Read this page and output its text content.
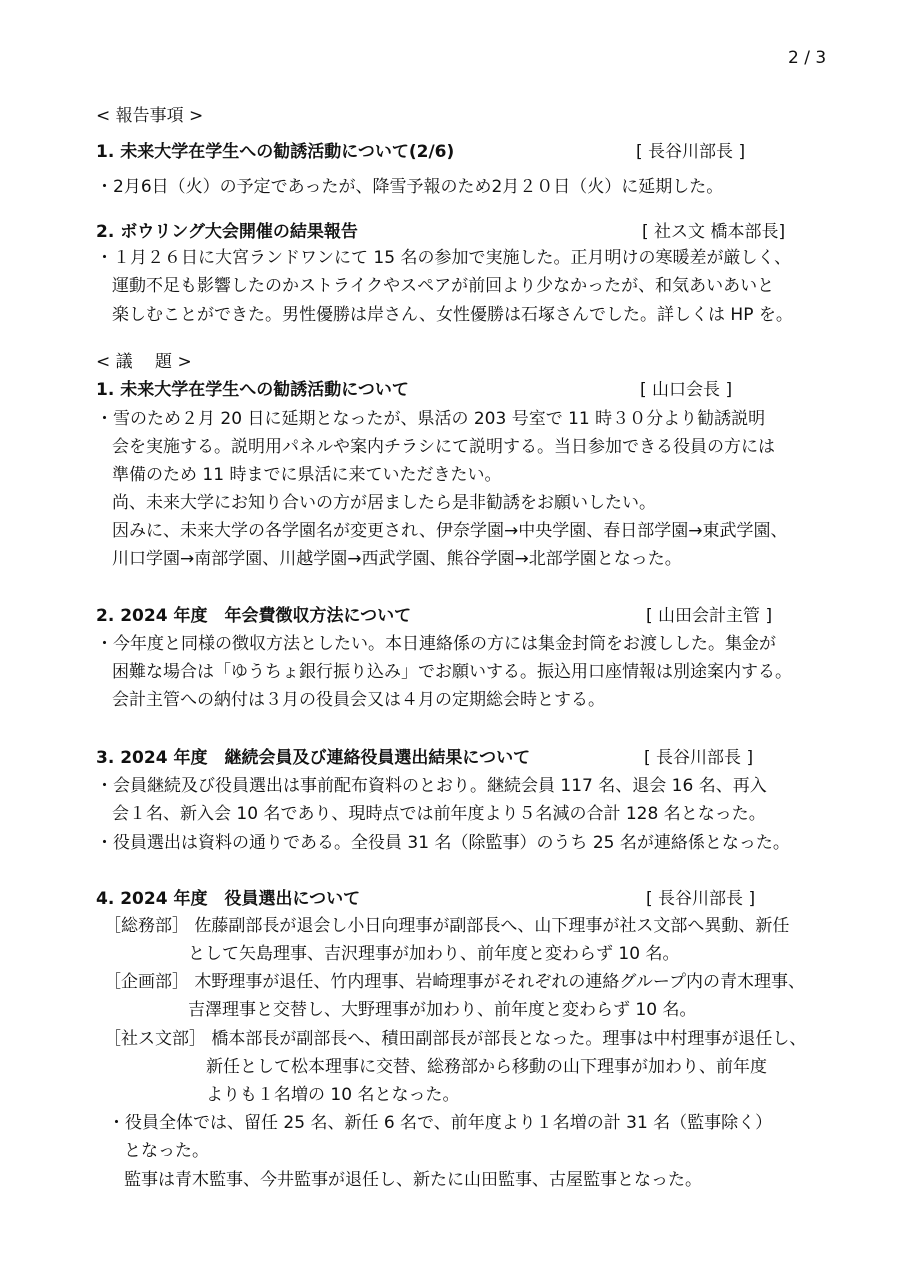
2 / 3
< 報告事項 >
1. 未来大学在学生への勧誘活動について(2/6)	[ 長谷川部長 ]
・2月6日（火）の予定であったが、降雪予報のため2月２０日（火）に延期した。
2. ボウリング大会開催の結果報告	[ 社ス文 橋本部長]
・１月２６日に大宮ランドワンにて 15 名の参加で実施した。正月明けの寒暖差が厳しく、
運動不足も影響したのかストライクやスペアが前回より少なかったが、和気あいあいと
楽しむことができた。男性優勝は岸さん、女性優勝は石塚さんでした。詳しくは HP を。
< 議　 題 >
1. 未来大学在学生への勧誘活動について	[ 山口会長 ]
・雪のため２月 20 日に延期となったが、県活の 203 号室で 11 時３０分より勧誘説明
会を実施する。説明用パネルや案内チラシにて説明する。当日参加できる役員の方には
準備のため 11 時までに県活に来ていただきたい。
尚、未来大学にお知り合いの方が居ましたら是非勧誘をお願いしたい。
因みに、未来大学の各学園名が変更され、伊奈学園→中央学園、春日部学園→東武学園、
川口学園→南部学園、川越学園→西武学園、熊谷学園→北部学園となった。
2. 2024 年度　年会費徴収方法について	[ 山田会計主管 ]
・今年度と同様の徴収方法としたい。本日連絡係の方には集金封筒をお渡しした。集金が
困難な場合は「ゆうちょ銀行振り込み」でお願いする。振込用口座情報は別途案内する。
会計主管への納付は３月の役員会又は４月の定期総会時とする。
3. 2024 年度　継続会員及び連絡役員選出結果について	[ 長谷川部長 ]
・会員継続及び役員選出は事前配布資料のとおり。継続会員 117 名、退会 16 名、再入
会１名、新入会 10 名であり、現時点では前年度より５名減の合計 128 名となった。
・役員選出は資料の通りである。全役員 31 名（除監事）のうち 25 名が連絡係となった。
4. 2024 年度　役員選出について	[ 長谷川部長 ]
［総務部］ 佐藤副部長が退会し小日向理事が副部長へ、山下理事が社ス文部へ異動、新任
として矢島理事、吉沢理事が加わり、前年度と変わらず 10 名。
［企画部］ 木野理事が退任、竹内理事、岩崎理事がそれぞれの連絡グループ内の青木理事、
吉澤理事と交替し、大野理事が加わり、前年度と変わらず 10 名。
［社ス文部］ 橋本部長が副部長へ、積田副部長が部長となった。理事は中村理事が退任し、
新任として松本理事に交替、総務部から移動の山下理事が加わり、前年度
よりも１名増の 10 名となった。
・役員全体では、留任 25 名、新任 6 名で、前年度より１名増の計 31 名（監事除く）
となった。
監事は青木監事、今井監事が退任し、新たに山田監事、古屋監事となった。
